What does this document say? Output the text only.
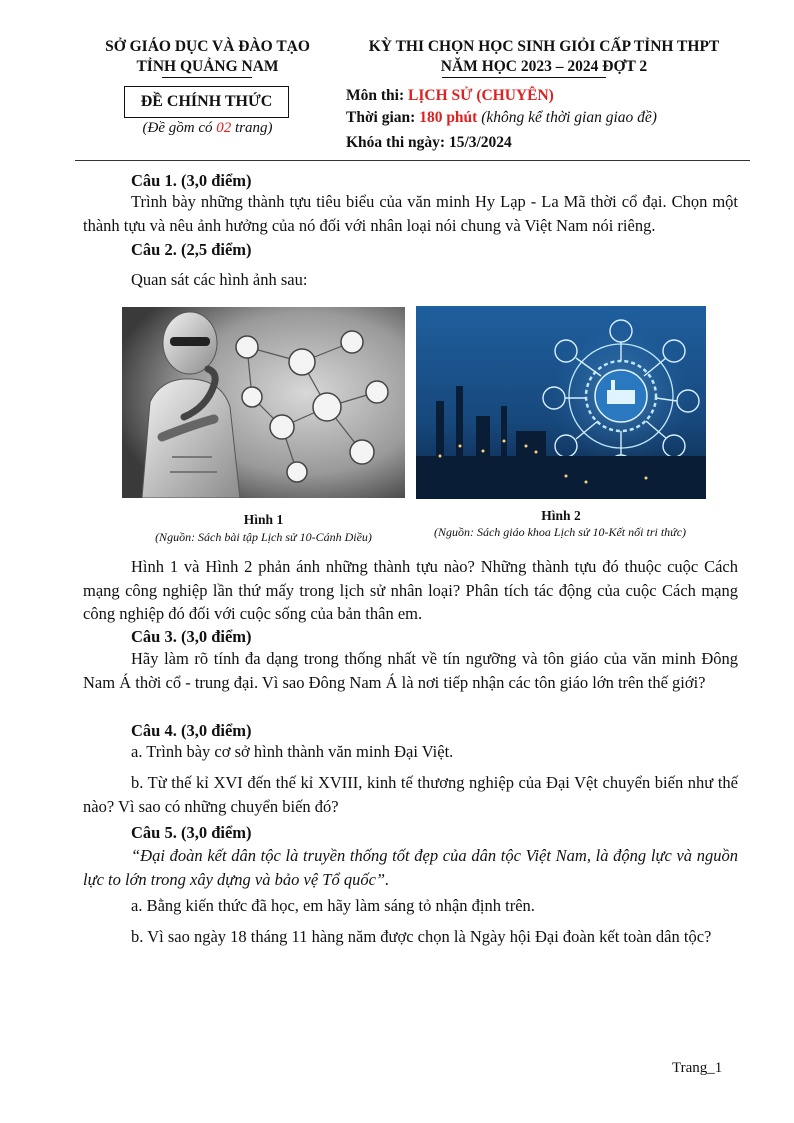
SỞ GIÁO DỤC VÀ ĐÀO TẠO
TỈNH QUẢNG NAM
ĐỀ CHÍNH THỨC
(Đề gồm có 02 trang)
KỲ THI CHỌN HỌC SINH GIỎI CẤP TỈNH THPT
NĂM HỌC 2023 – 2024 ĐỢT 2
Môn thi: LỊCH SỬ (CHUYÊN)
Thời gian: 180 phút (không kể thời gian giao đề)
Khóa thi ngày: 15/3/2024
Câu 1. (3,0 điểm)
Trình bày những thành tựu tiêu biểu của văn minh Hy Lạp - La Mã thời cổ đại. Chọn một thành tựu và nêu ảnh hưởng của nó đối với nhân loại nói chung và Việt Nam nói riêng.
Câu 2. (2,5 điểm)
Quan sát các hình ảnh sau:
Hình 1
(Nguồn: Sách bài tập Lịch sử 10-Cánh Diều)
Hình 2
(Nguồn: Sách giáo khoa Lịch sử 10-Kết nối tri thức)
Hình 1 và Hình 2 phản ánh những thành tựu nào? Những thành tựu đó thuộc cuộc Cách mạng công nghiệp lần thứ mấy trong lịch sử nhân loại? Phân tích tác động của cuộc Cách mạng công nghiệp đó đối với cuộc sống của bản thân em.
Câu 3. (3,0 điểm)
Hãy làm rõ tính đa dạng trong thống nhất về tín ngưỡng và tôn giáo của văn minh Đông Nam Á thời cổ - trung đại. Vì sao Đông Nam Á là nơi tiếp nhận các tôn giáo lớn trên thế giới?
Câu 4. (3,0 điểm)
a. Trình bày cơ sở hình thành văn minh Đại Việt.
b. Từ thế kỉ XVI đến thế kỉ XVIII, kinh tế thương nghiệp của Đại Vệt chuyển biến như thế nào? Vì sao có những chuyển biến đó?
Câu 5. (3,0 điểm)
“Đại đoàn kết dân tộc là truyền thống tốt đẹp của dân tộc Việt Nam, là động lực và nguồn lực to lớn trong xây dựng và bảo vệ Tổ quốc”.
a. Bằng kiến thức đã học, em hãy làm sáng tỏ nhận định trên.
b. Vì sao ngày 18 tháng 11 hàng năm được chọn là Ngày hội Đại đoàn kết toàn dân tộc?
Trang_1
